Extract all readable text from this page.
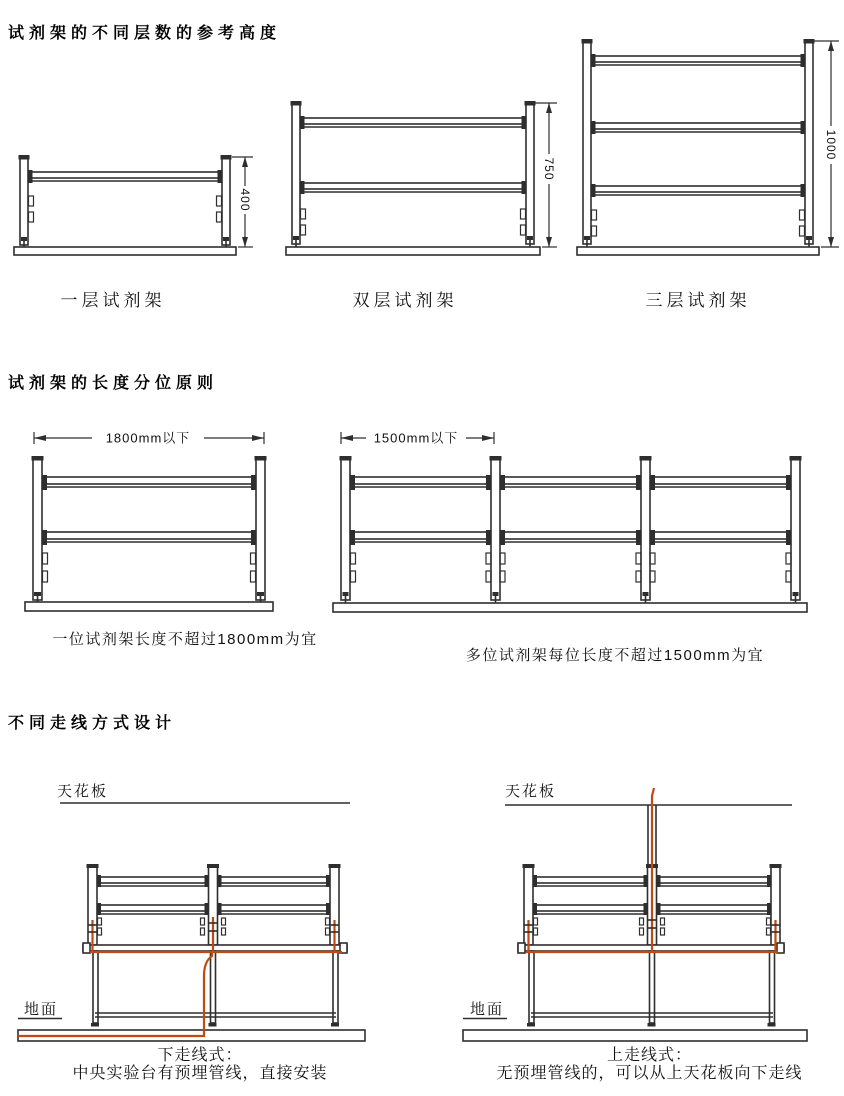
试剂架的不同层数的参考高度
400
750
1000
一层试剂架	双层试剂架	三层试剂架
试剂架的长度分位原则
1800mm以下	1500mm以下
一位试剂架长度不超过1800mm为宜
多位试剂架每位长度不超过1500mm为宜
不同走线方式设计
天花板
地面
天花板
地面
下走线式：
中央实验台有预埋管线，直接安装
上走线式：
无预埋管线的，可以从上天花板向下走线
